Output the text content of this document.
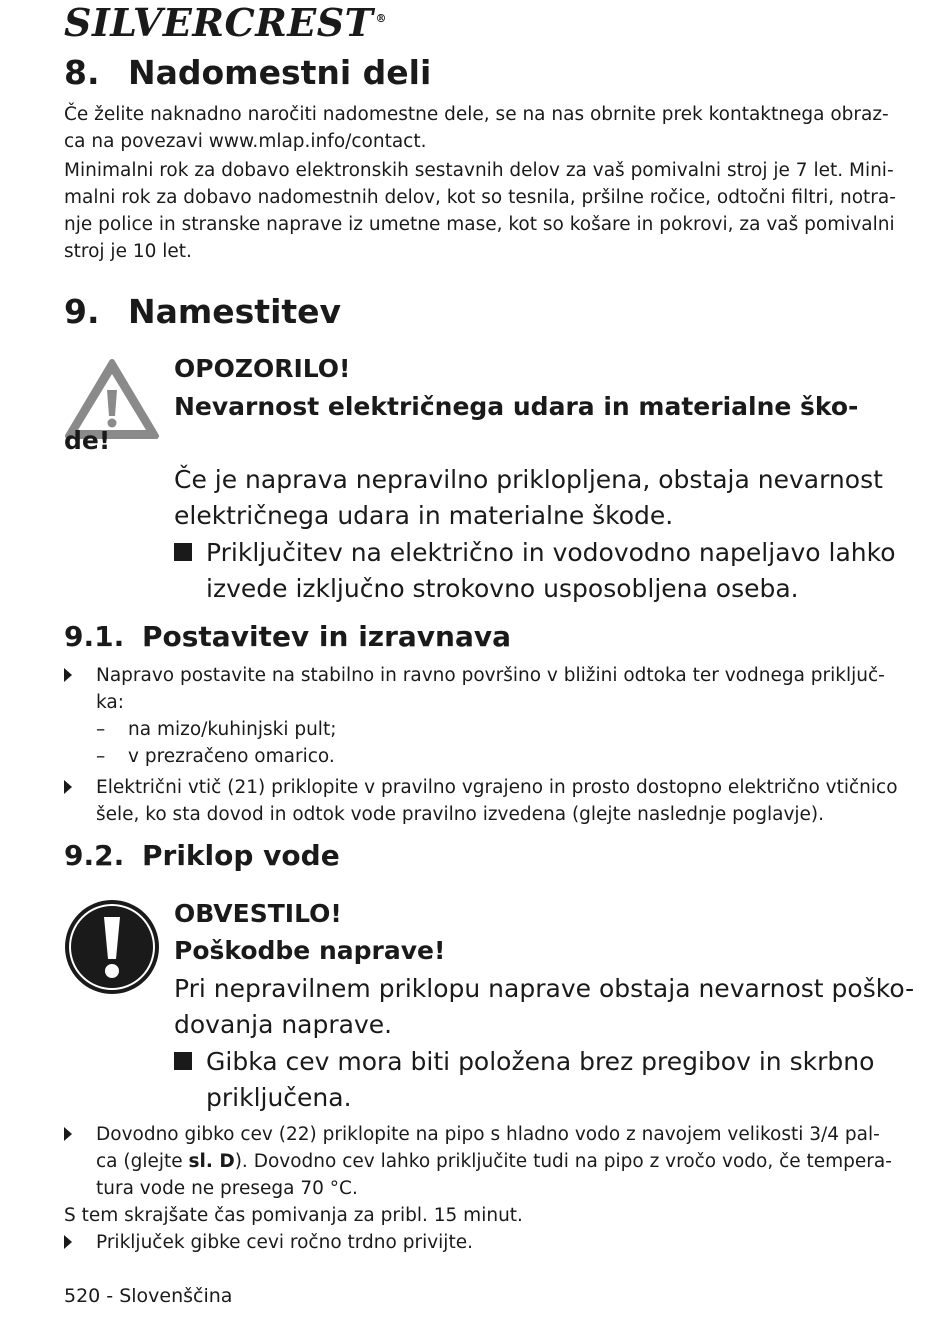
SILVERCREST ®
8. Nadomestni deli
Če želite naknadno naročiti nadomestne dele, se na nas obrnite prek kontaktnega obraz-
ca na povezavi www.mlap.info/contact.
Minimalni rok za dobavo elektronskih sestavnih delov za vaš pomivalni stroj je 7 let. Mini-
malni rok za dobavo nadomestnih delov, kot so tesnila, pršilne ročice, odtočni filtri, notra-
nje police in stranske naprave iz umetne mase, kot so košare in pokrovi, za vaš pomivalni
stroj je 10 let.
9. Namestitev
OPOZORILO!
Nevarnost električnega udara in materialne ško-
de!
Če je naprava nepravilno priklopljena, obstaja nevarnost
električnega udara in materialne škode.
Priključitev na električno in vodovodno napeljavo lahko
izvede izključno strokovno usposobljena oseba.
9.1. Postavitev in izravnava
Napravo postavite na stabilno in ravno površino v bližini odtoka ter vodnega priključ-
ka:
–	na mizo/kuhinjski pult;
–	v prezračeno omarico.
Električni vtič (21) priklopite v pravilno vgrajeno in prosto dostopno električno vtičnico
šele, ko sta dovod in odtok vode pravilno izvedena (glejte naslednje poglavje).
9.2. Priklop vode
OBVESTILO!
Poškodbe naprave!
Pri nepravilnem priklopu naprave obstaja nevarnost poško-
dovanja naprave.
Gibka cev mora biti položena brez pregibov in skrbno
priključena.
Dovodno gibko cev (22) priklopite na pipo s hladno vodo z navojem velikosti 3/4 pal-
ca (glejte sl. D). Dovodno cev lahko priključite tudi na pipo z vročo vodo, če tempera-
tura vode ne presega 70 °C.
S tem skrajšate čas pomivanja za pribl. 15 minut.
Priključek gibke cevi ročno trdno privijte.
520 - Slovenščina
